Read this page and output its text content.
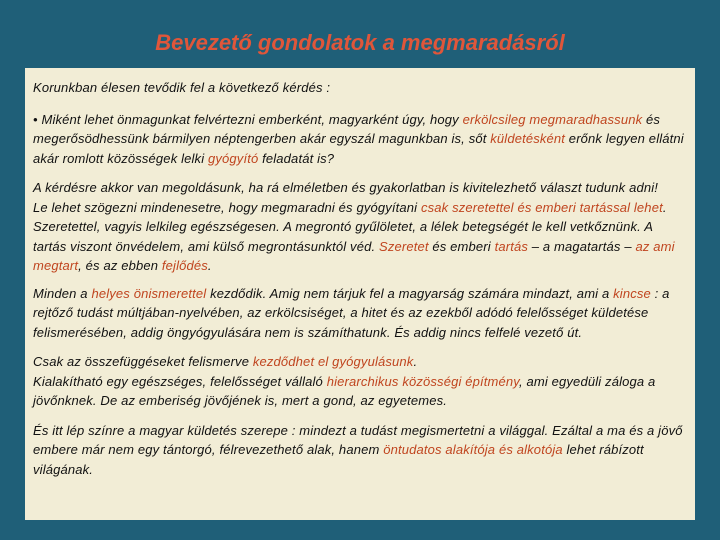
Bevezető gondolatok a megmaradásról

Korunkban élesen tevődik fel a következő kérdés :

• Miként lehet önmagunkat felvértezni emberként, magyarként úgy, hogy erkölcsileg megmaradhassunk és megerősödhessünk bármilyen néptengerben akár egyszál magunkban is, sőt küldetésként erőnk legyen ellátni akár romlott közösségek lelki gyógyító feladatát is?

A kérdésre akkor van megoldásunk, ha rá elméletben és gyakorlatban is kivitelezhető választ tudunk adni!
Le lehet szögezni mindenesetre, hogy megmaradni és gyógyítani csak szeretettel és emberi tartással lehet. Szeretettel, vagyis lelkileg egészségesen. A megrontó gyűlöletet, a lélek betegségét le kell vetkőznünk. A tartás viszont önvédelem, ami külső megrontásunktól véd. Szeretet és emberi tartás – a magatartás – az ami megtart, és az ebben fejlődés.

Minden a helyes önismerettel kezdődik. Amig nem tárjuk fel a magyarság számára mindazt, ami a kincse : a rejtőző tudást múltjában-nyelvében, az erkölcsiséget, a hitet és az ezekből adódó felelősséget küldetése felismerésében, addig öngyógyulására nem is számíthatunk. És addig nincs felfelé vezető út.

Csak az összefüggéseket felismerve kezdődhet el gyógyulásunk.
Kialakítható egy egészséges, felelősséget vállaló hierarchikus közösségi építmény, ami egyedüli záloga a jövőnknek. De az emberiség jövőjének is, mert a gond, az egyetemes.

És itt lép színre a magyar küldetés szerepe : mindezt a tudást megismertetni a világgal. Ezáltal a ma és a jövő embere már nem egy tántorgó, félrevezethető alak, hanem öntudatos alakítója és alkotója lehet rábízott világának.
